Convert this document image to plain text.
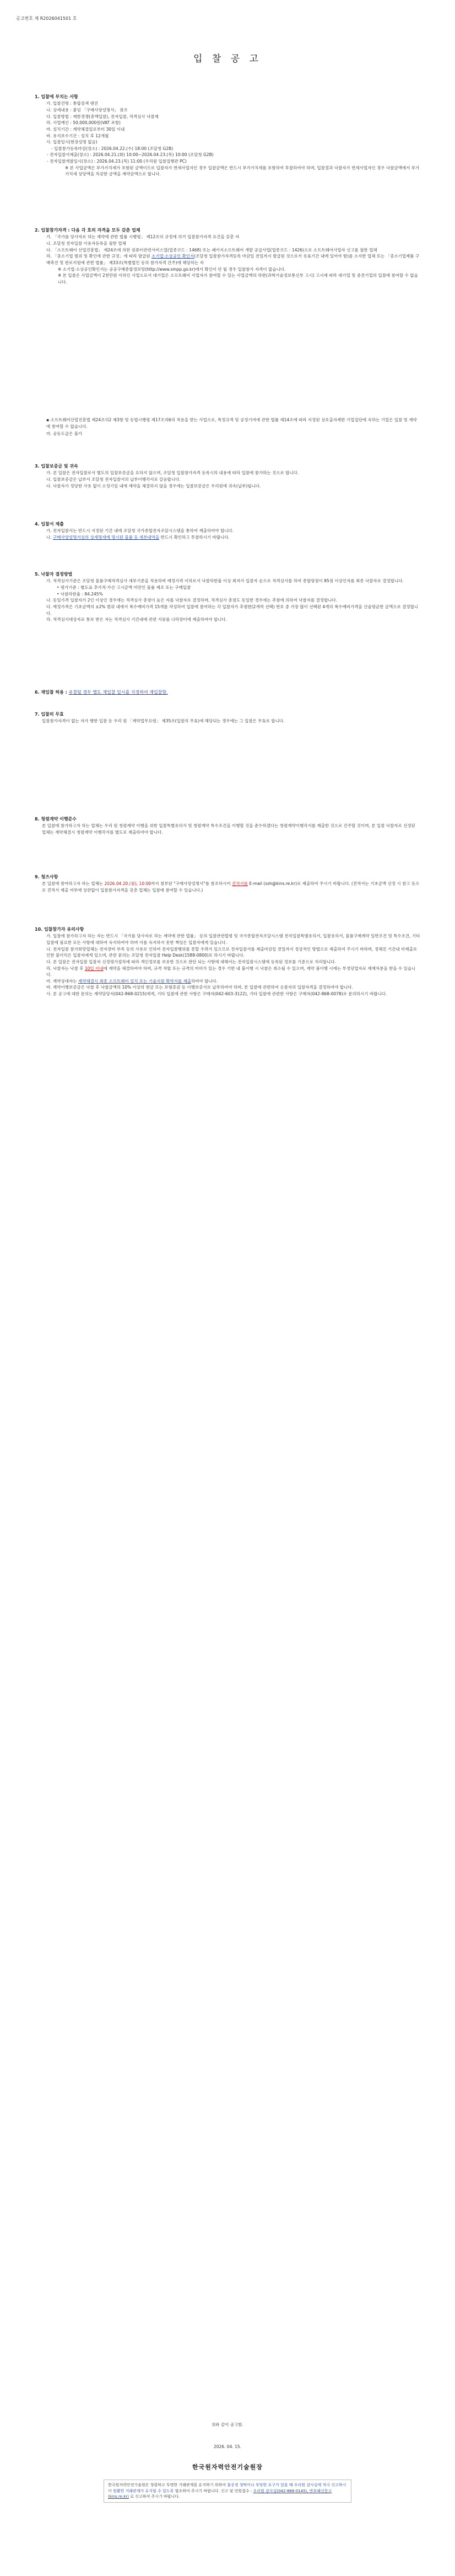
공고번호 제 R2026041501 호
입 찰 공 고
1. 입찰에 부치는 사항
가. 입찰건명 : 통합검색 엔진
나. 상세내용 : 붙임 「구매사양설명서」 참조
다. 입찰방법 : 제한경쟁(총액입찰), 전자입찰, 적격심사 낙찰제
라. 사업예산 : 50,000,000원(VAT 포함)
마. 설치기간 : 계약체결일로부터 30일 이내
바. 유지보수기간 : 설치 후 12개월
사. 입찰일시(현장설명 없음)
- 입찰참가등록마감(장소) : 2026.04.22.(수) 18:00 (조달청 G2B)
- 전자입찰서제출(장소) : 2026.04.21.(화) 10:00~2026.04.23.(목) 10:00 (조달청 G2B)
- 전자입찰개찰일시(장소) : 2026.04.23.(목) 11:00 (우리원 입찰집행관 PC)
※ 본 사업금액은 부가가치세가 포함된 금액이므로 입찰자가 면세사업자인 경우 입찰금액은 반드시 부가가치세를 포함하여 투찰하여야 하며, 입찰결과 낙찰자가 면세사업자인 경우 낙찰금액에서 부가가치세 상당액을 차감한 금액을 계약금액으로 합니다.
2. 입찰참가자격 : 다음 각 호의 자격을 모두 갖춘 업체
가. 「국가를 당사자로 하는 계약에 관한 법률 시행령」 제12조의 규정에 의거 입찰참가자격 요건을 갖춘 자
나. 조달청 전자입찰 이용자등록을 필한 업체
다. 「소프트웨어 산업진흥법」 제24조에 의한 컴퓨터관련서비스업(업종코드 : 1468) 또는 패키지소프트웨어 개발 공급사업(업종코드 : 1426)으로 소프트웨어사업자 신고를 필한 업체
라. 「중소기업 범위 및 확인에 관한 규정」에 따라 발급된 소기업·소상공인 확인서(조달청 입찰참가자격등록 마감일 전일까지 발급된 것으로서 유효기간 내에 있어야 함)를 소지한 업체 또는 「중소기업제품 구매촉진 및 판로지원에 관한 법률」 제33조(특별법인 등의 참가자격 간주)에 해당하는 자
※ 소기업·소상공인확인서는 공공구매종합정보망(http://www.smpp.go.kr)에서 확인이 안 될 경우 입찰참가 자격이 없습니다.
※ 본 입찰은 사업금액이 2천만원 이하인 사업으로서 대기업은 소프트웨어 사업자가 참여할 수 있는 사업금액의 하한(과학기술정보통신부 고시) 고시에 따라 대기업 및 중견기업의 입찰에 참여할 수 없습니다.
▪ 소프트웨어산업진흥법 제24조의2 제3항 및 동법시행령 제17조의6의 적용을 받는 사업으로, 특정규격 및 공정기여에 관한 법률 제14조에 따라 지정된 상호출자제한 기업집단에 속하는 기업은 입찰 및 계약에 참여할 수 없습니다.
마. 공동도급은 불가
3. 입찰보증금 및 귀속
가. 본 입찰은 전자입찰로서 별도의 입찰보증금을 요하지 않으며, 조달청 입찰참가자격 등록시의 내용에 따라 입찰에 참가하는 것으로 합니다.
나. 입찰보증금은 납부서 조달청 전자입찰서의 납부이행각서로 갈음합니다.
다. 낙찰자가 정당한 사유 없이 소정기일 내에 계약을 체결하지 않을 경우에는 입찰보증금은 우리원에 귀속(납부)됩니다.
4. 입찰서 제출
가. 전자입찰서는 반드시 지정된 기간 내에 조달청 국가종합전자조달시스템을 통하여 제출하여야 합니다.
나. 구매사양설명서상의 상세명세에 명시된 물품 등 세부내역을 반드시 확인하고 투찰하시기 바랍니다.
5. 낙찰자 결정방법
가. 적격심사기준은 조달청 물품구매적격심사 세부기준을 적용하며 예정가격 이하로서 낙찰하한율 이상 최저가 입찰자 순으로 적격심사를 하여 종합평점이 85점 이상인자를 최종 낙찰자로 결정합니다.
• 평가기준 : 별도표 추가적·가산 고시금액 미만인 물품 제조 또는 구매입찰
• 낙찰하한율 : 84.245%
나. 동일가격 입찰자가 2인 이상인 경우에는 적격심사 총점이 높은 자를 낙찰자로 결정하며, 적격심사 총점도 동일한 경우에는 추첨에 의하여 낙찰자를 결정합니다.
다. 예정가격은 기초금액의 ±2% 범위 내에서 복수예비가격 15개를 작성하여 입찰에 참여하는 각 입찰자가 추첨한(2개씩 선택) 번호 중 가장 많이 선택된 4개의 복수예비가격을 산술평균한 금액으로 결정합니다.
라. 적격심사대상자로 통보 받은 자는 적격심사 기간내에 관련 서류를 나라장터에 제출하여야 합니다.
6. 재입찰 허용 : 유찰될 경우 별도 재입찰 일시를 지정하여 재입찰함.
7. 입찰의 무효
입찰참가자격이 없는 자가 행한 입찰 등 우리 원 「계약업무요령」 제35조(입찰의 무효)에 해당되는 경우에는 그 입찰은 무효로 합니다.
8. 청렴계약 이행준수
본 입찰에 참가하고자 하는 업체는 우리 원 청렴계약 이행을 위한 입찰특별유의서 및 청렴계약 특수조건을 이행할 것을 준수하겠다는 청렴계약이행각서를 제출한 것으로 간주할 것이며, 본 입찰 낙찰자로 선정된 업체는 계약체결시 청렴계약 이행각서를 별도로 제출하여야 합니다.
9. 청즈사항
본 입찰에 참여하고자 하는 업체는 2026.04.20.(월), 10:00까지 첨부된 "구매사양설명서"를 참조하시어 견적서를 E-mail (ssh@kins.re.kr)로 제출하여 주시기 바랍니다. (견적서는 기초금액 선정 시 참고 등으로 견적서 제출 여부에 상관없이 입찰참가자격을 갖춘 업체는 입찰에 참여할 수 있습니다.)
10. 입찰참가자 유의사항
가. 입찰에 참가하고자 하는 자는 반드시 「국가를 당사자로 하는 계약에 관한 법률」 등의 입찰관련법령 및 국가종합전자조달시스템 전자입찰특별유의서, 입찰유의서, 물품구매계약 일반조건 및 특수조건, 기타 입찰에 필요한 모든 사항에 대하여 숙지하여야 하며 이를 숙지하지 못한 책임은 입찰자에게 있습니다.
나. 전자입찰 참가희망업체는 전자장비 부족 등의 사유로 인하여 전자입찰행위를 못할 우려가 있으므로 전자입찰서를 제출마감일 전일까지 정상적인 방법으로 제출하여 주시기 바라며, 정해진 기간내 미제출로 인한 불이익은 입찰자에게 있으며, 관련 문의는 조달청 전자입찰 Help Desk(1588-0800)로 하시기 바랍니다.
다. 본 입찰은 전자입찰 입찰자 선정평가절차에 따라 개인정보를 보유한 것으로 판단 되는 사항에 대해서는 전자입찰시스템에 등록된 정보를 기준으로 처리합니다.
라. 낙찰자는 낙찰 후 10일 이내에 계약을 체결하여야 하며, 규격 적합 또는 규격의 미비가 있는 경우 기한 내 불이행 시 낙찰은 취소될 수 있으며, 계약 불이행 시에는 부정당업자로 제재처분을 받을 수 있습니다.
마. 계약상대자는 계약체결시 최종 소프트웨어 설치 또는 기술지원 확약서를 제출하여야 합니다.
바. 계약이행보증금은 낙찰 후 낙찰금액의 10% 이상의 현금 또는 보험증권 등 이행보증서로 납부하여야 하며, 본 입찰에 관련하여 응찰자의 입찰자격을 결정하여야 합니다.
사. 본 공고에 대한 문의는 계약담당자(042-868-0215)에게, 기타 입찰에 관한 사항은 구매자(042-603-3122), 기타 입찰에 관련한 사항은 구매자(042-868-0078)로 문의하시기 바랍니다.
위와 같이 공고함.
2026. 04. 15.
한국원자력안전기술원장
한국원자력안전기술원은 청렴하고 투명한 거래관계를 유지하기 위하여 불공정 청탁이나 부당한 요구가 있을 때 우리원 감사실에 적극 신고하시어 원활한 거래관계가 유지될 수 있도록 협조하여 주시기 바랍니다. 신고 및 민원접수 : 우리원 감사실(042-868-0145), 반부패신문고(kins.re.kr) 로 신고하여 주시기 바랍니다.
